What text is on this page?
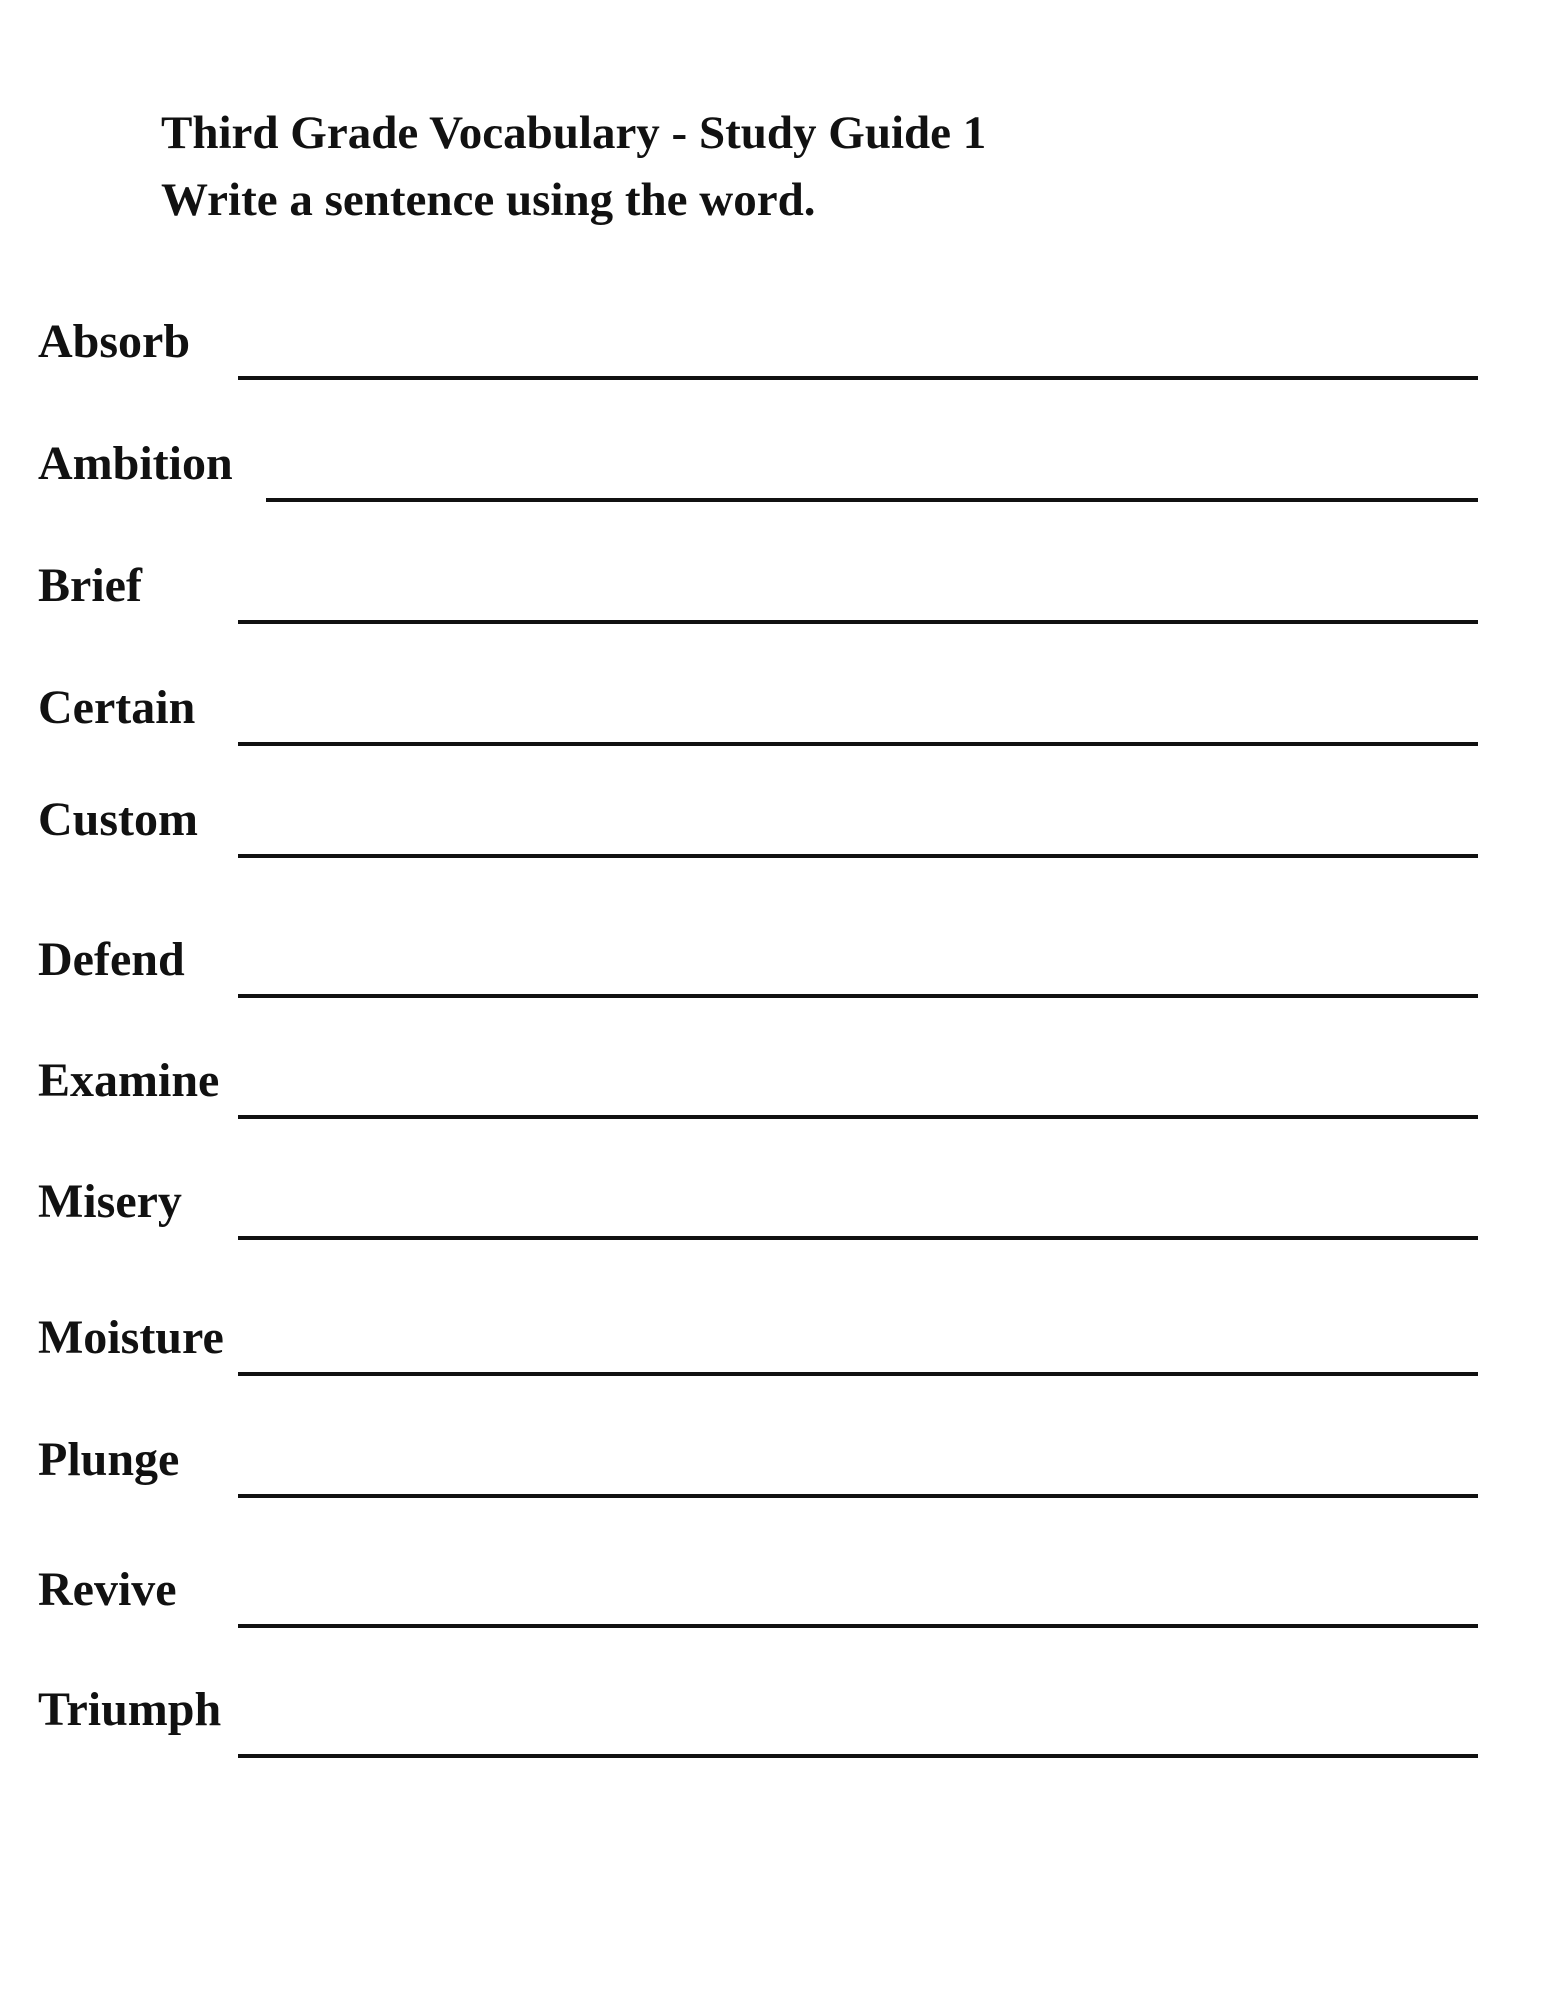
Third Grade Vocabulary - Study Guide 1
Write a sentence using the word.
Absorb
Ambition
Brief
Certain
Custom
Defend
Examine
Misery
Moisture
Plunge
Revive
Triumph
